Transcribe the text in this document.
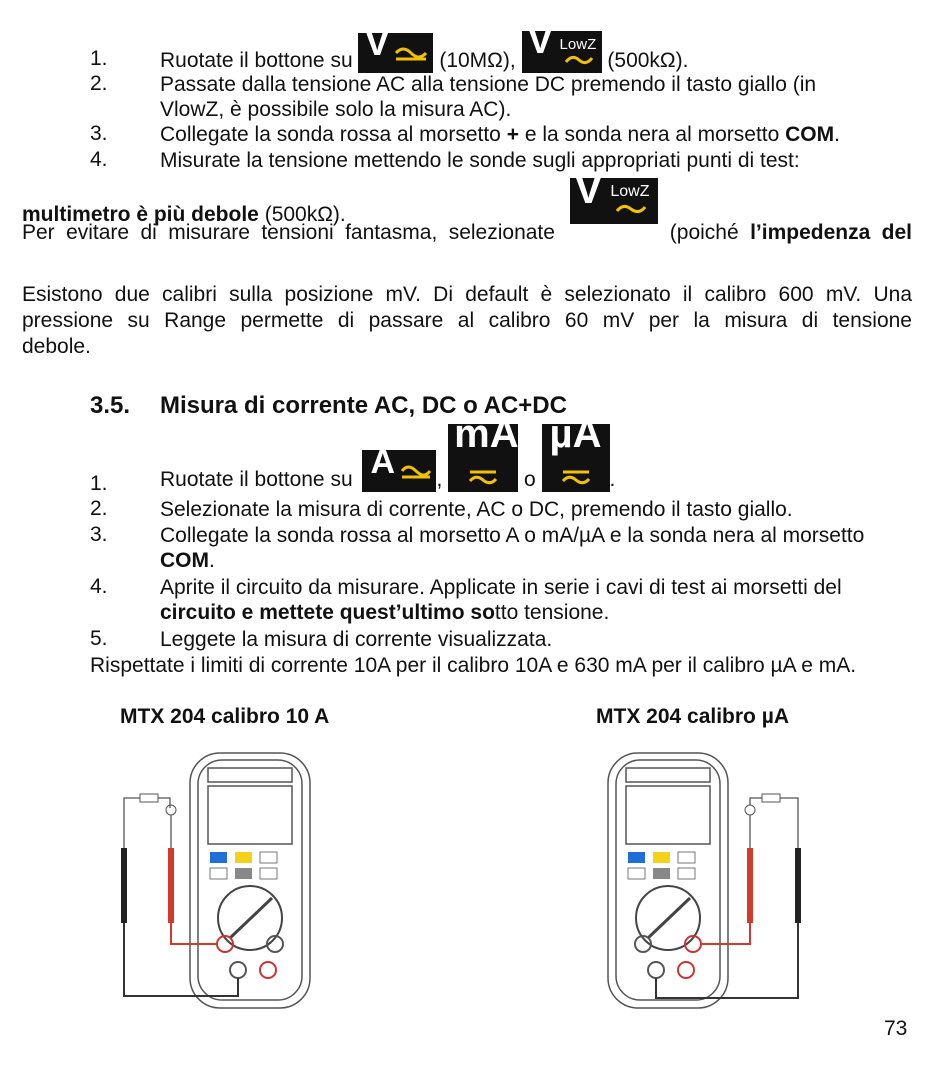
1. Ruotate il bottone su V (10MΩ), V LowZ
(500kΩ).
2. Passate dalla tensione AC alla tensione DC premendo il tasto giallo (in
VlowZ, è possibile solo la misura AC).
3. Collegate la sonda rossa al morsetto + e la sonda nera al morsetto COM.
4. Misurate la tensione mettendo le sonde sugli appropriati punti di test:
Per evitare di misurare tensioni fantasma, selezionate
V LowZ
(poiché l’impedenza del
multimetro è più debole (500kΩ).
Esistono due calibri sulla posizione mV. Di default è selezionato il calibro 600 mV. Una
pressione su Range permette di passare al calibro 60 mV per la misura di tensione
debole.
3.5. Misura di corrente AC, DC o AC+DC
1. Ruotate il bottone su A ,
mA
o
µA
.
2. Selezionate la misura di corrente, AC o DC, premendo il tasto giallo.
3. Collegate la sonda rossa al morsetto A o mA/µA e la sonda nera al morsetto
COM.
4. Aprite il circuito da misurare. Applicate in serie i cavi di test ai morsetti del
circuito e mettete quest’ultimo sotto tensione.
5. Leggete la misura di corrente visualizzata.
Rispettate i limiti di corrente 10A per il calibro 10A e 630 mA per il calibro µA e mA.
MTX 204 calibro 10 A	MTX 204 calibro µA
73
